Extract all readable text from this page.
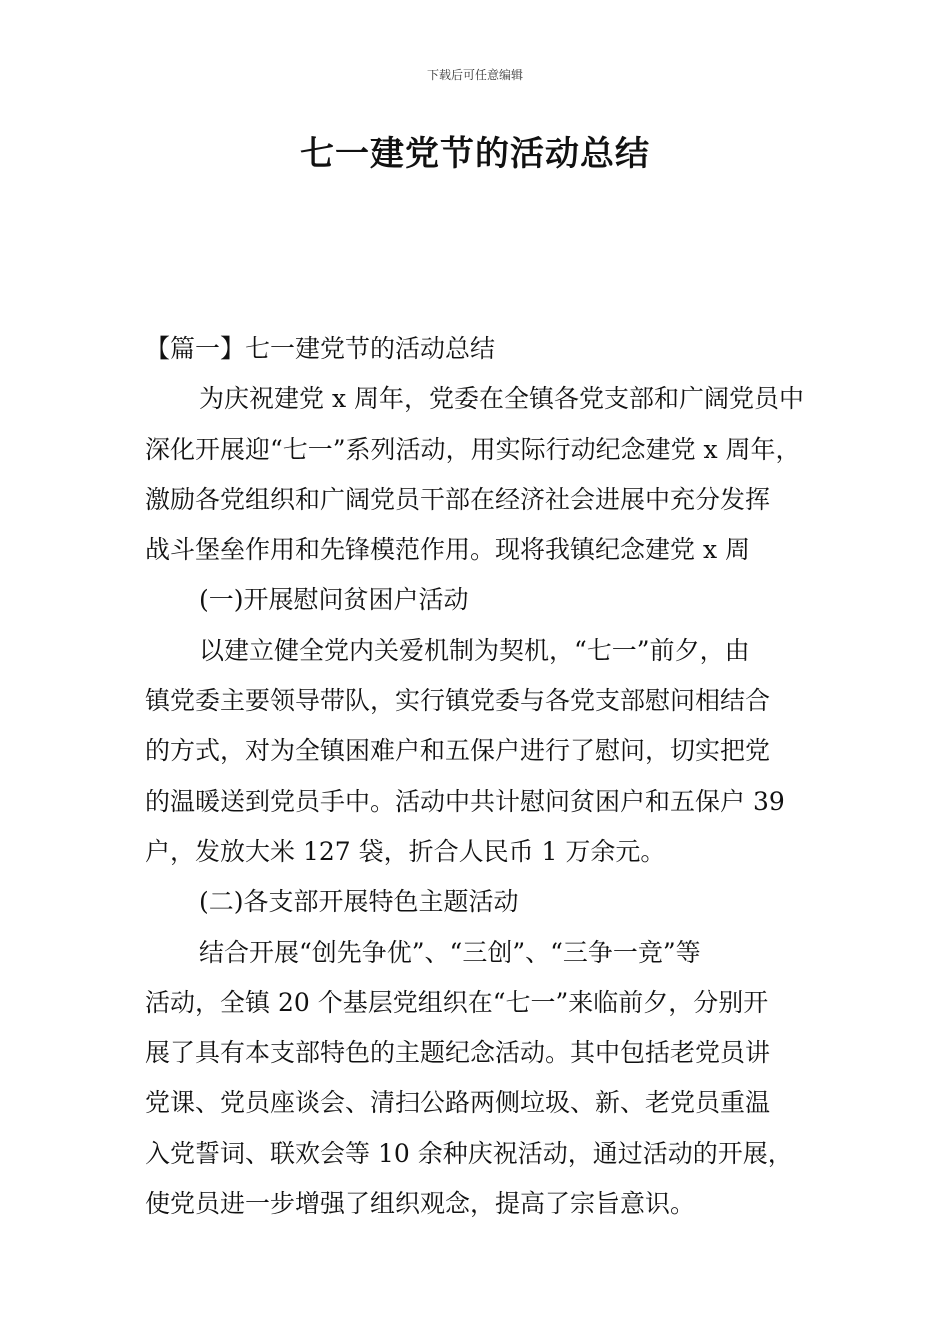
下载后可任意编辑
七一建党节的活动总结
【篇一】七一建党节的活动总结
为庆祝建党 x 周年，党委在全镇各党支部和广阔党员中
深化开展迎“七一”系列活动，用实际行动纪念建党 x 周年，
激励各党组织和广阔党员干部在经济社会进展中充分发挥
战斗堡垒作用和先锋模范作用。现将我镇纪念建党 x 周
(一)开展慰问贫困户活动
以建立健全党内关爱机制为契机，“七一”前夕，由
镇党委主要领导带队，实行镇党委与各党支部慰问相结合
的方式，对为全镇困难户和五保户进行了慰问，切实把党
的温暖送到党员手中。活动中共计慰问贫困户和五保户 39
户，发放大米 127 袋，折合人民币 1 万余元。
(二)各支部开展特色主题活动
结合开展“创先争优”、“三创”、“三争一竞”等
活动，全镇 20 个基层党组织在“七一”来临前夕，分别开
展了具有本支部特色的主题纪念活动。其中包括老党员讲
党课、党员座谈会、清扫公路两侧垃圾、新、老党员重温
入党誓词、联欢会等 10 余种庆祝活动，通过活动的开展，
使党员进一步增强了组织观念，提高了宗旨意识。
